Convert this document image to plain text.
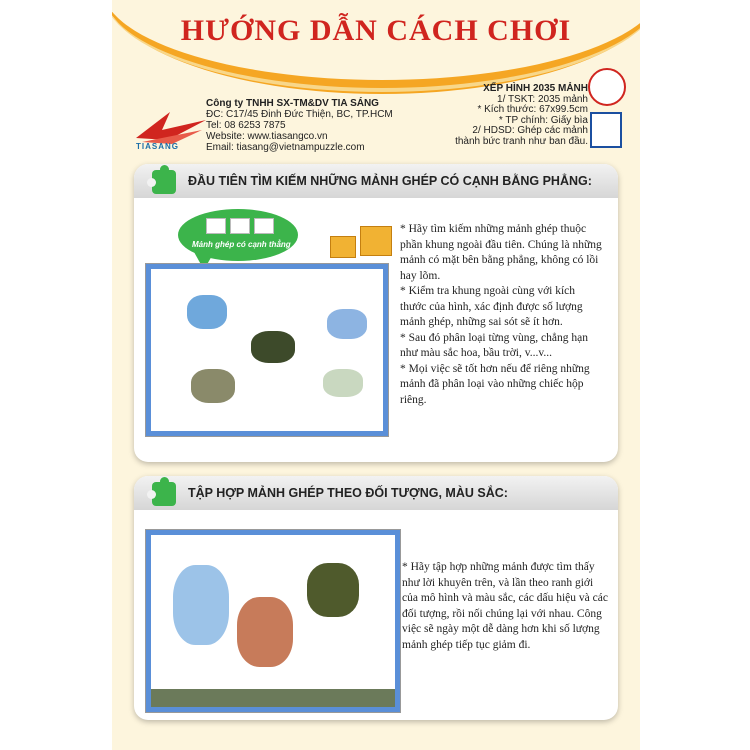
HƯỚNG DẪN CÁCH CHƠI
TIASANG
Công ty TNHH SX-TM&DV TIA SÁNG
ĐC: C17/45 Đinh Đức Thiện, BC, TP.HCM
Tel: 08 6253 7875
Website: www.tiasangco.vn
Email: tiasang@vietnampuzzle.com
XẾP HÌNH 2035 MẢNH
1/ TSKT: 2035 mảnh
* Kích thước: 67x99.5cm
* TP chính: Giấy bìa
2/ HDSD: Ghép các mảnh
thành bức tranh như ban đầu.
ĐẦU TIÊN TÌM KIẾM NHỮNG MẢNH GHÉP CÓ CẠNH BẰNG PHẲNG:
Mảnh ghép có cạnh thẳng

* Hãy tìm kiếm những mảnh ghép thuộc phần khung ngoài đầu tiên. Chúng là những mảnh có mặt bên bằng phẳng, không có lồi hay lõm.

* Kiểm tra khung ngoài cùng với kích thước của hình, xác định được số lượng mảnh ghép, những sai sót sẽ ít hơn.

* Sau đó phân loại từng vùng, chẳng hạn như màu sắc hoa, bầu trời, v...v...

* Mọi việc sẽ tốt hơn nếu để riêng những mảnh đã phân loại vào những chiếc hộp riêng.

TẬP HỢP MẢNH GHÉP THEO ĐỐI TƯỢNG, MÀU SẮC:

* Hãy tập hợp những mảnh được tìm thấy như lời khuyên trên, và lần theo ranh giới của mô hình và màu sắc, các dấu hiệu và các đối tượng, rồi nối chúng lại với nhau. Công việc sẽ ngày một dễ dàng hơn khi số lượng mảnh ghép tiếp tục giảm đi.
